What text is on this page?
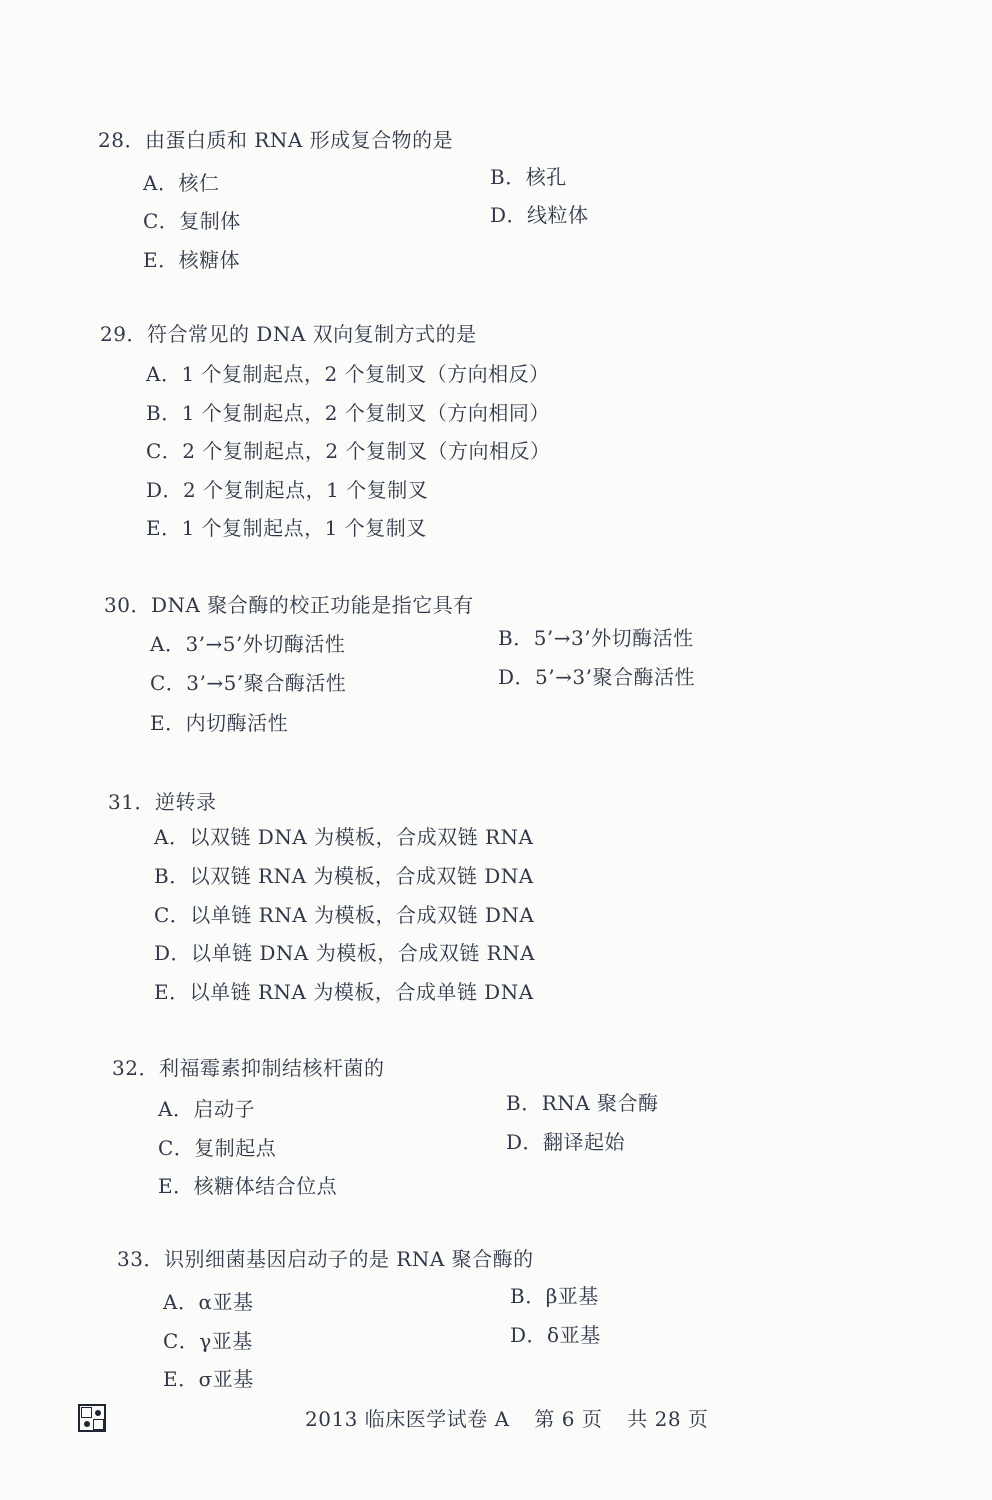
28．由蛋白质和 RNA 形成复合物的是
A．核仁	B．核孔
C．复制体	D．线粒体
E．核糖体
29．符合常见的 DNA 双向复制方式的是
A．1 个复制起点，2 个复制叉（方向相反）
B．1 个复制起点，2 个复制叉（方向相同）
C．2 个复制起点，2 个复制叉（方向相反）
D．2 个复制起点，1 个复制叉
E．1 个复制起点，1 个复制叉
30．DNA 聚合酶的校正功能是指它具有
A．3’→5’外切酶活性	B．5’→3’外切酶活性
C．3’→5’聚合酶活性	D．5’→3’聚合酶活性
E．内切酶活性
31．逆转录
A．以双链 DNA 为模板，合成双链 RNA
B．以双链 RNA 为模板，合成双链 DNA
C．以单链 RNA 为模板，合成双链 DNA
D．以单链 DNA 为模板，合成双链 RNA
E．以单链 RNA 为模板，合成单链 DNA
32．利福霉素抑制结核杆菌的
A．启动子	B．RNA 聚合酶
C．复制起点	D．翻译起始
E．核糖体结合位点
33．识别细菌基因启动子的是 RNA 聚合酶的
A．α亚基	B．β亚基
C．γ亚基	D．δ亚基
E．σ亚基
2013 临床医学试卷 A 第 6 页 共 28 页
